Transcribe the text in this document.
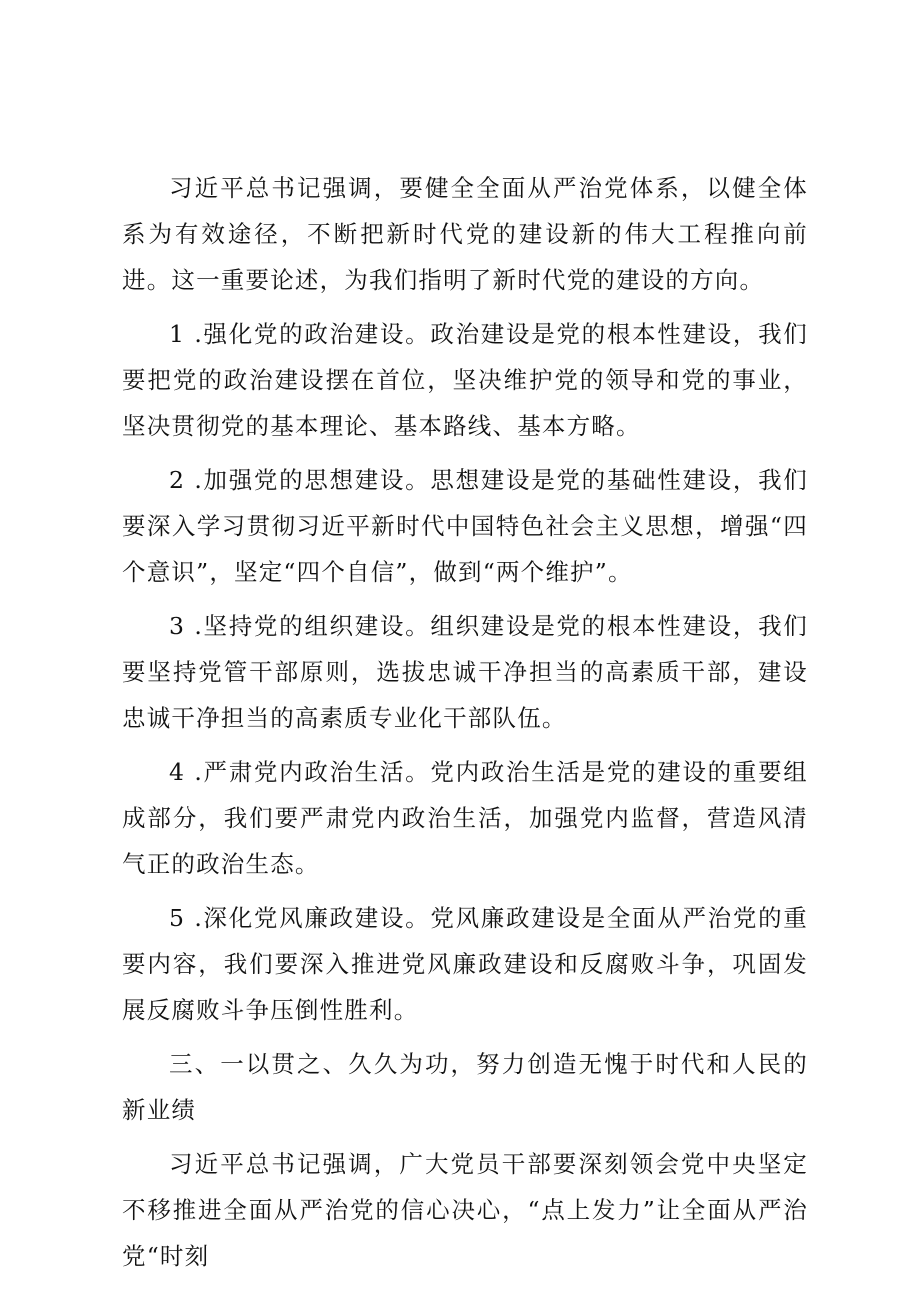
习近平总书记强调，要健全全面从严治党体系，以健全体系为有效途径，不断把新时代党的建设新的伟大工程推向前进。这一重要论述，为我们指明了新时代党的建设的方向。

1 .强化党的政治建设。政治建设是党的根本性建设，我们要把党的政治建设摆在首位，坚决维护党的领导和党的事业，坚决贯彻党的基本理论、基本路线、基本方略。

2 .加强党的思想建设。思想建设是党的基础性建设，我们要深入学习贯彻习近平新时代中国特色社会主义思想，增强“四个意识”，坚定“四个自信”，做到“两个维护”。

3 .坚持党的组织建设。组织建设是党的根本性建设，我们要坚持党管干部原则，选拔忠诚干净担当的高素质干部，建设忠诚干净担当的高素质专业化干部队伍。

4 .严肃党内政治生活。党内政治生活是党的建设的重要组成部分，我们要严肃党内政治生活，加强党内监督，营造风清气正的政治生态。

5 .深化党风廉政建设。党风廉政建设是全面从严治党的重要内容，我们要深入推进党风廉政建设和反腐败斗争，巩固发展反腐败斗争压倒性胜利。

三、一以贯之、久久为功，努力创造无愧于时代和人民的新业绩

习近平总书记强调，广大党员干部要深刻领会党中央坚定不移推进全面从严治党的信心决心，“点上发力”让全面从严治党“时刻
